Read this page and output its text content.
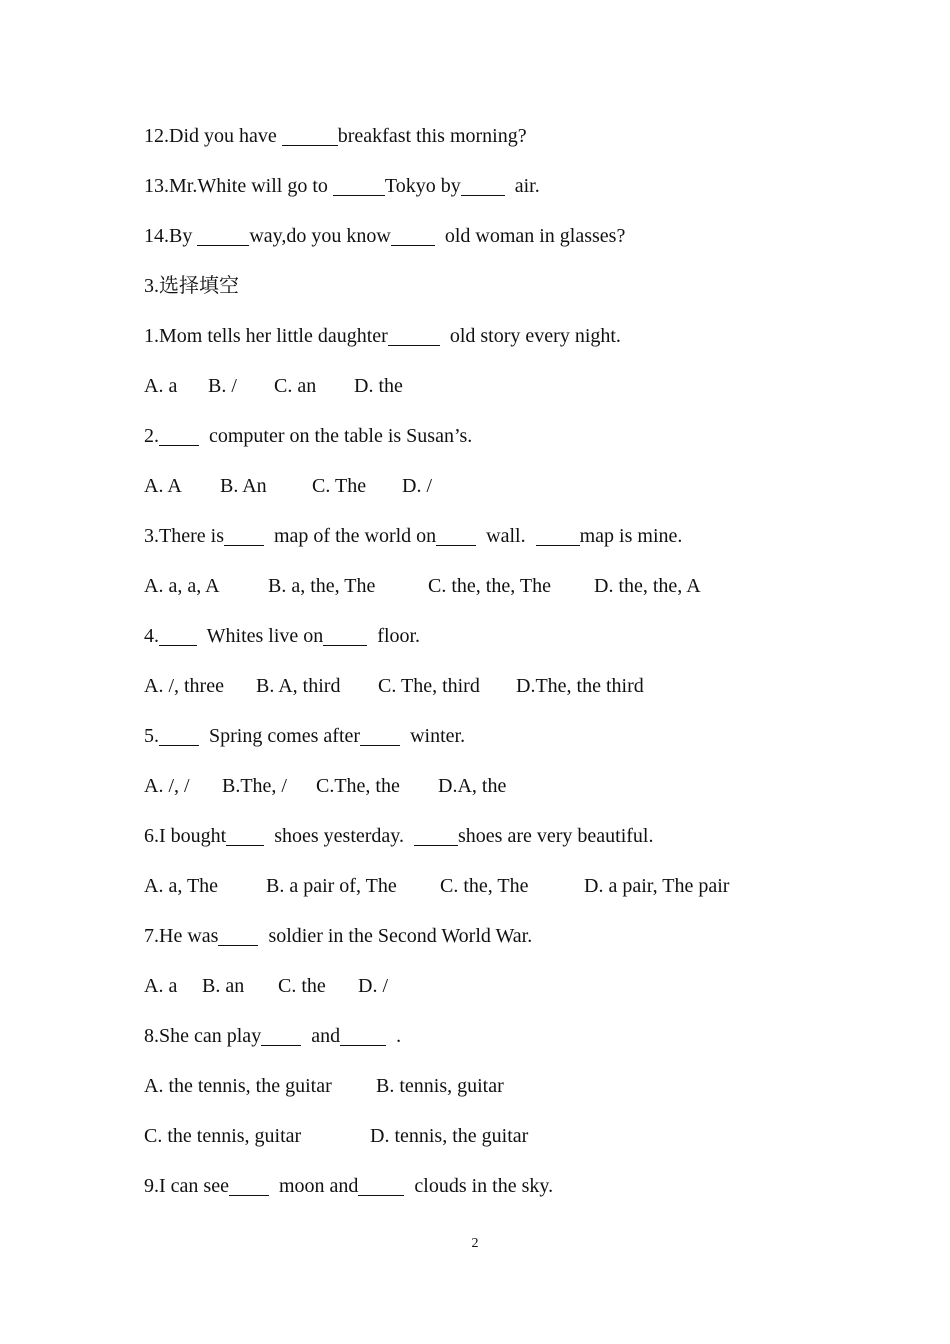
12.Did you have	breakfast this morning?
13.Mr.White will go to	Tokyo by  air.
14.By	way,do you know  old woman in glasses?
3.选择填空
1.Mom tells her little daughter	old story every night.

A. a

B. /

C. an

D. the

2.  computer on the table is Susan’s.

A. A

B. An

C. The

D. /

3.There is  map of the world on  wall.  map is mine.

A. a, a, A

B. a, the, The

	C. the, the, The

D. the, the, A

4.  Whites live on  floor.

A. /, three

B. A, third

C. The, third

D.The, the third

5.  Spring comes after  winter.

A. /, /

B.The, /

C.The, the

D.A, the

6.I bought  shoes yesterday.  shoes are very beautiful.

A. a, The

B. a pair of, The

C. the, The

	D. a pair, The pair

7.He was  soldier in the Second World War.

A. a

B. an

C. the

D. /

8.She can play  and  .

A. the tennis, the guitar

B. tennis, guitar

C. the tennis, guitar

	D. tennis, the guitar

9.I can see  moon and  clouds in the sky.
2
